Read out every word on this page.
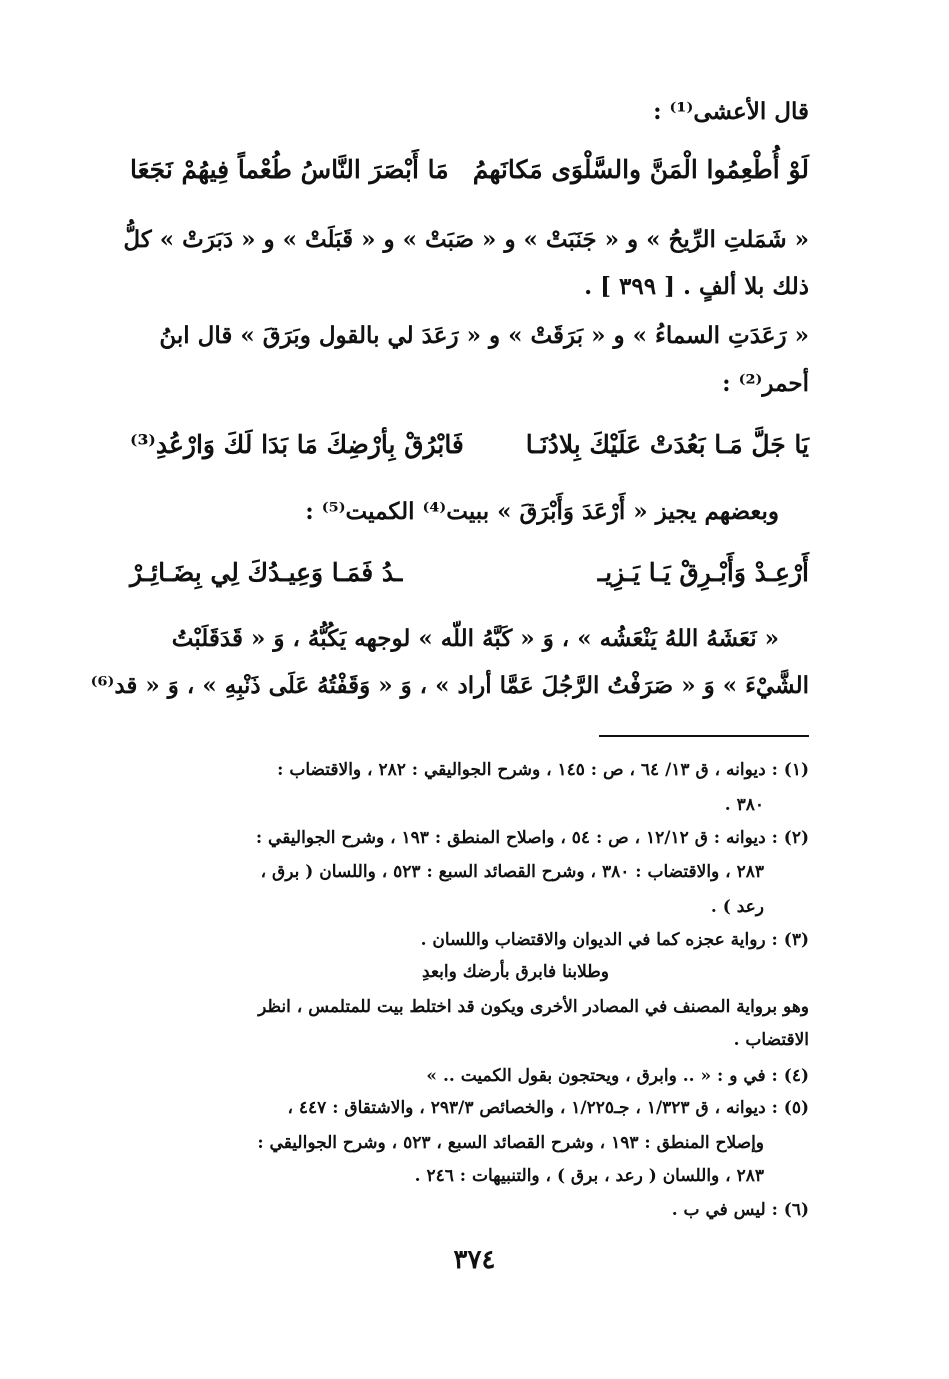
قال الأعشى⁽¹⁾ :
لَوْ أُطْعِمُوا الْمَنَّ والسَّلْوَى مَكانَهمُ
مَا أَبْصَرَ النَّاسُ طُعْماً فِيهُمْ نَجَعَا
« شَمَلتِ الرِّيحُ » و « جَنَبَتْ » و « صَبَتْ » و « قَبَلَتْ » و « دَبَرَتْ » كلُّ
ذلك بلا ألفٍ . [ ٣٩٩ ] .
« رَعَدَتِ السماءُ » و « بَرَقَتْ » و « رَعَدَ لي بالقول وبَرَقَ » قال ابنُ
أحمر⁽²⁾ :
يَا جَلَّ مَـا بَعُدَتْ عَلَيْكَ بِلادُنَـا
فَابْرُقْ بِأرْضِكَ مَا بَدَا لَكَ وَارْعُدِ⁽³⁾
وبعضهم يجيز « أَرْعَدَ وَأَبْرَقَ » ببيت⁽⁴⁾ الكميت⁽⁵⁾ :
أَرْعِـدْ وَأَبْـرِقْ يَـا يَـزِيـ
ـدُ فَمَـا وَعِيـدُكَ لِي بِضَـائِـرْ
« نَعَشَهُ اللهُ يَنْعَشُه » ، وَ « كَبَّهُ اللّه » لوجهه يَكُبُّهُ ، وَ « قَدَقَلَبْتُ
الشَّيْءَ » وَ « صَرَفْتُ الرَّجُلَ عَمَّا أراد » ، وَ « وَقَفْتُهُ عَلَى ذَنْبِهِ » ، وَ « قد⁽⁶⁾
(١) : ديوانه ، ق ١٣/ ٦٤ ، ص : ١٤٥ ، وشرح الجواليقي : ٢٨٢ ، والاقتضاب :
٣٨٠ .
(٢) : ديوانه : ق ١٢/١٢ ، ص : ٥٤ ، واصلاح المنطق : ١٩٣ ، وشرح الجواليقي :
٢٨٣ ، والاقتضاب : ٣٨٠ ، وشرح القصائد السبع : ٥٢٣ ، واللسان ( برق ،
رعد ) .
(٣) : رواية عجزه كما في الديوان والاقتضاب واللسان .
وطلابنا فابرق بأرضك وابعدِ
وهو برواية المصنف في المصادر الأخرى ويكون قد اختلط بيت للمتلمس ، انظر
الاقتضاب .
(٤) : في و : « .. وابرق ، ويحتجون بقول الكميت .. »
(٥) : ديوانه ، ق ١/٣٢٣ ، جـ١/٢٢٥ ، والخصائص ٢٩٣/٣ ، والاشتقاق : ٤٤٧ ،
وإصلاح المنطق : ١٩٣ ، وشرح القصائد السبع ، ٥٢٣ ، وشرح الجواليقي :
٢٨٣ ، واللسان ( رعد ، برق ) ، والتنبيهات : ٢٤٦ .
(٦) : ليس في ب .
٣٧٤
